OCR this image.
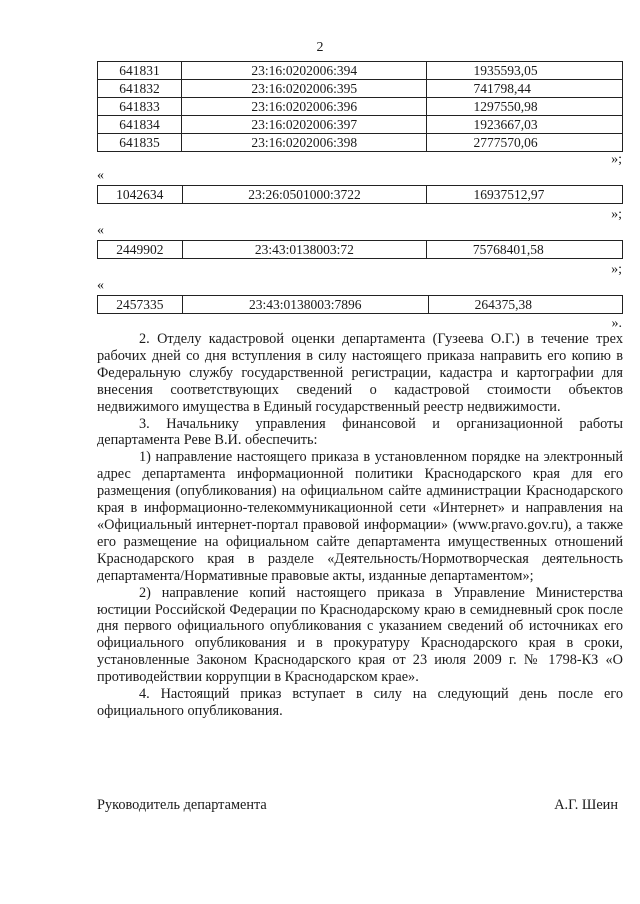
2
641831	23:16:0202006:394	1935593,05
641832	23:16:0202006:395	741798,44
641833	23:16:0202006:396	1297550,98
641834	23:16:0202006:397	1923667,03
641835	23:16:0202006:398	2777570,06
»;
«
1042634	23:26:0501000:3722	16937512,97
»;
«
2449902	23:43:0138003:72	75768401,58
»;
«
2457335	23:43:0138003:7896	264375,38
».

2. Отделу кадастровой оценки департамента (Гузеева О.Г.) в течение трех рабочих дней со дня вступления в силу настоящего приказа направить его копию в Федеральную службу государственной регистрации, кадастра и картографии для внесения соответствующих сведений о кадастровой стоимости объектов недвижимого имущества в Единый государственный реестр недвижимости.

3. Начальнику управления финансовой и организационной работы департамента Реве В.И. обеспечить:

1) направление настоящего приказа в установленном порядке на электронный адрес департамента информационной политики Краснодарского края для его размещения (опубликования) на официальном сайте администрации Краснодарского края в информационно-телекоммуникационной сети «Интернет» и направления на «Официальный интернет-портал правовой информации» (www.pravo.gov.ru), а также его размещение на официальном сайте департамента имущественных отношений Краснодарского края в разделе «Деятельность/Нормотворческая деятельность департамента/Нормативные правовые акты, изданные департаментом»;

2) направление копий настоящего приказа в Управление Министерства юстиции Российской Федерации по Краснодарскому краю в семидневный срок после дня первого официального опубликования с указанием сведений об источниках его официального опубликования и в прокуратуру Краснодарского края в сроки, установленные Законом Краснодарского края от 23 июля 2009 г. № 1798-КЗ «О противодействии коррупции в Краснодарском крае».

4. Настоящий приказ вступает в силу на следующий день после его официального опубликования.

Руководитель департамента	А.Г. Шеин
